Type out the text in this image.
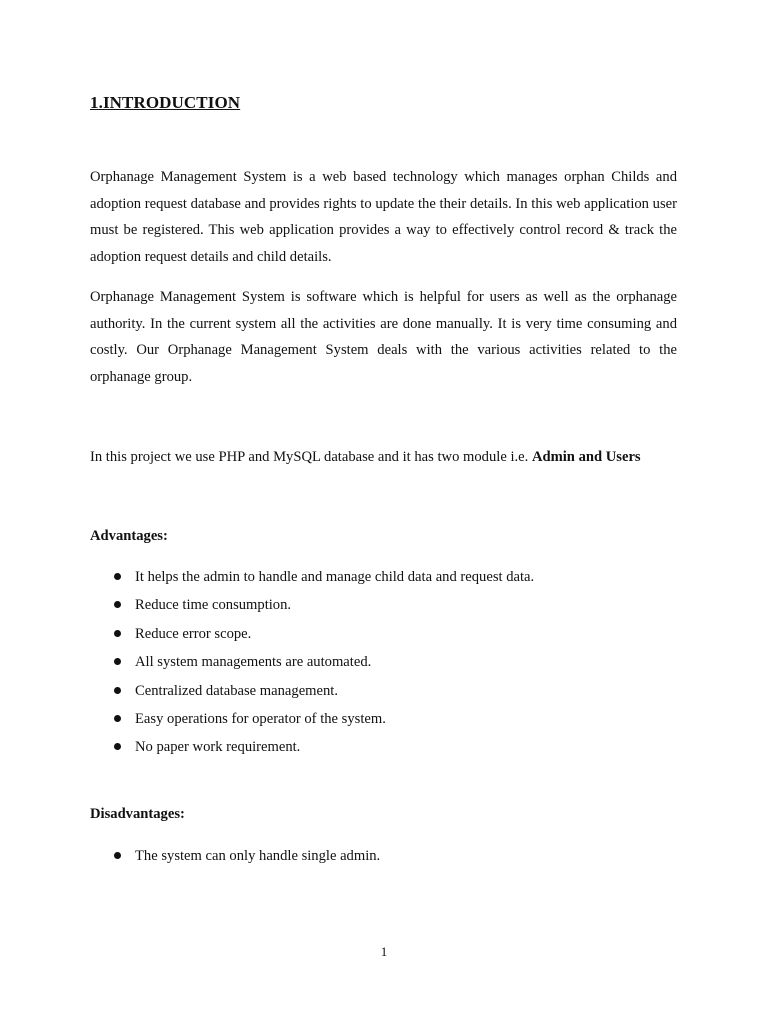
1.INTRODUCTION
Orphanage Management System is a web based technology which manages orphan Childs and adoption request database and provides rights to update the their details. In this web application user must be registered. This web application provides a way to effectively control record & track the adoption request details and child details.
Orphanage Management System is software which is helpful for users as well as the orphanage authority. In the current system all the activities are done manually. It is very time consuming and costly. Our Orphanage Management System deals with the various activities related to the orphanage group.
In this project we use PHP and MySQL database and it has two module i.e. Admin and Users
Advantages:
It helps the admin to handle and manage child data and request data.
Reduce time consumption.
Reduce error scope.
All system managements are automated.
Centralized database management.
Easy operations for operator of the system.
No paper work requirement.
Disadvantages:
The system can only handle single admin.
1
